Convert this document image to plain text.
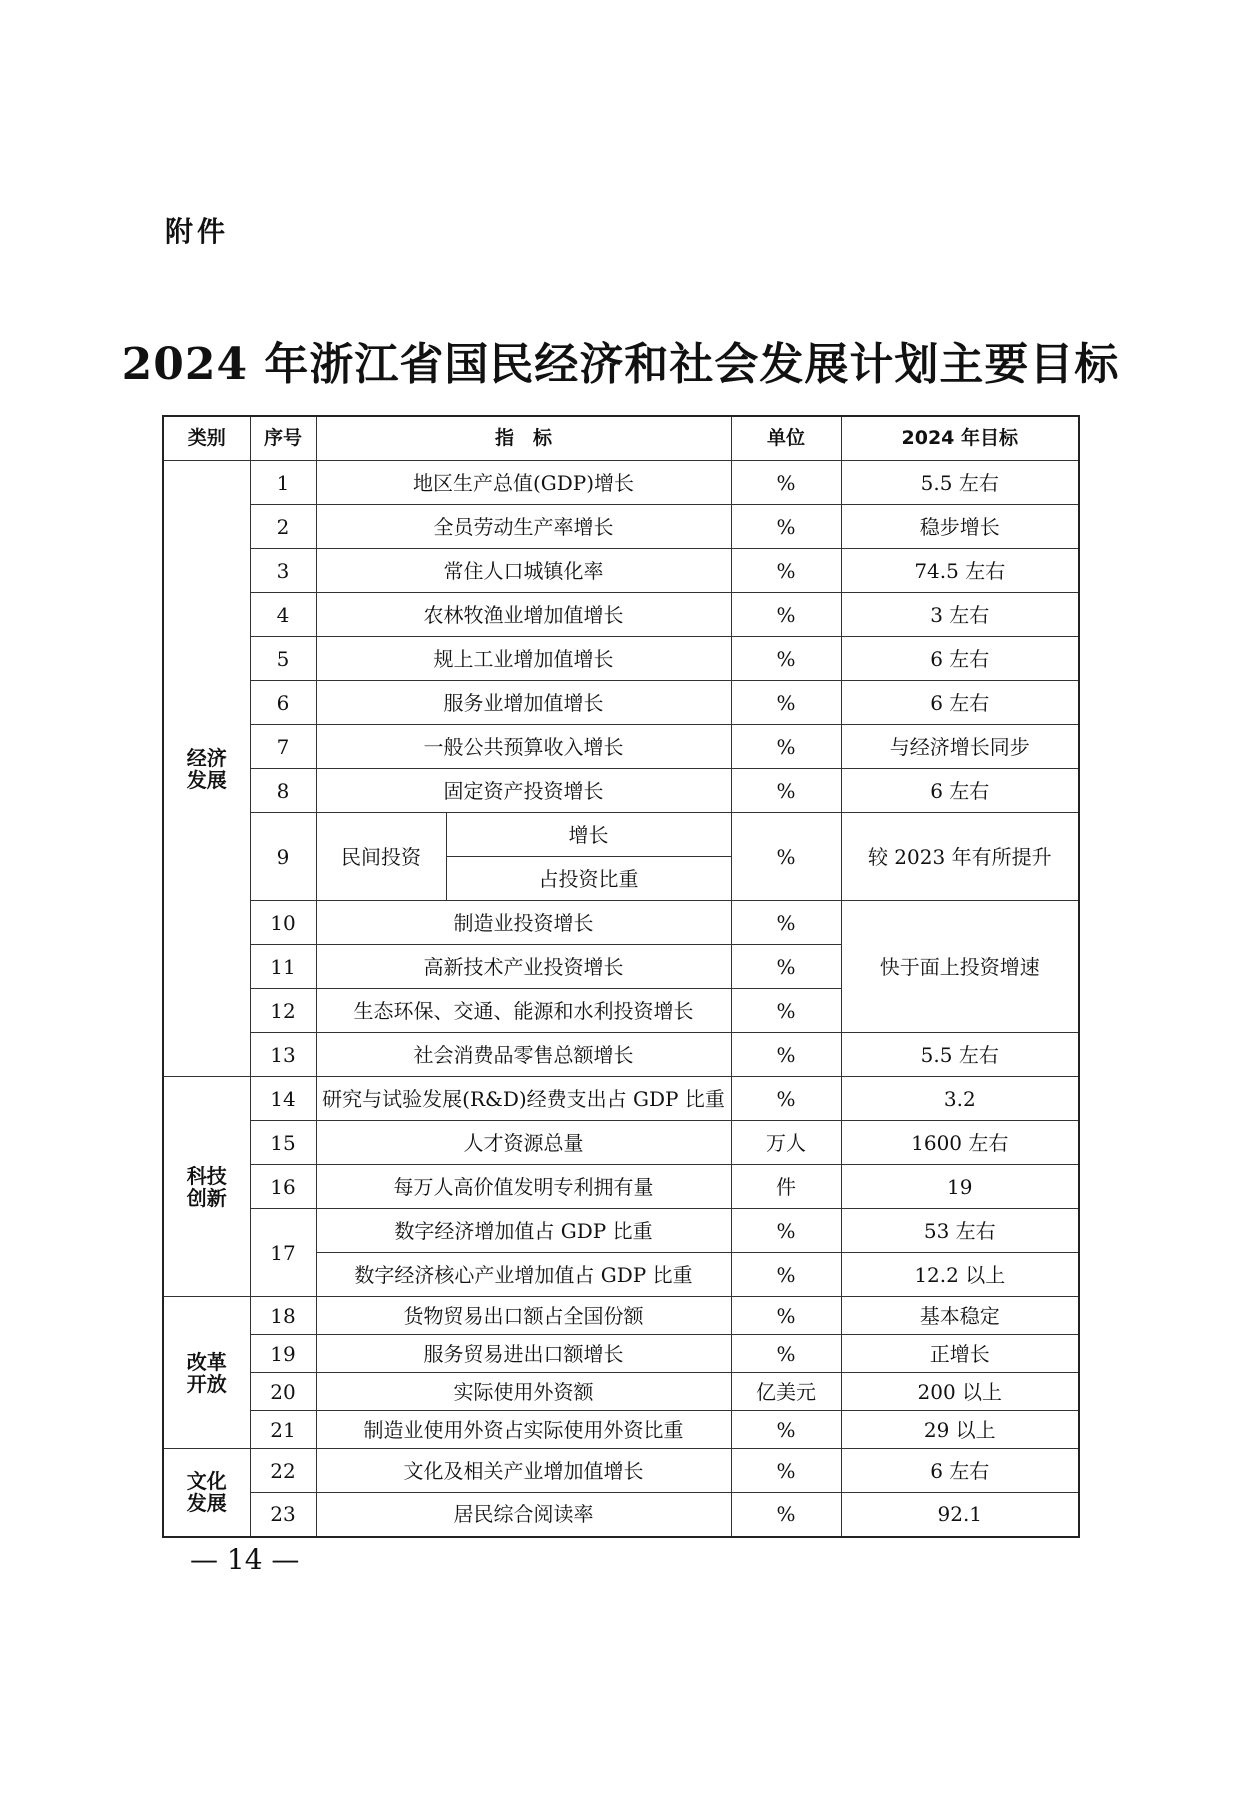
附件
2024 年浙江省国民经济和社会发展计划主要目标
类别	序号	指　标		单位	2024 年目标

经济发展	1	地区生产总值(GDP)增长		%	5.5 左右
	2	全员劳动生产率增长		%	稳步增长
	3	常住人口城镇化率		%	74.5 左右
	4	农林牧渔业增加值增长		%	3 左右
	5	规上工业增加值增长		%	6 左右
	6	服务业增加值增长		%	6 左右
	7	一般公共预算收入增长		%	与经济增长同步
	8	固定资产投资增长		%	6 左右
	9	民间投资	增长	%	较 2023 年有所提升
			占投资比重		
	10	制造业投资增长		%	快于面上投资增速
	11	高新技术产业投资增长		%	
	12	生态环保、交通、能源和水利投资增长		%	
	13	社会消费品零售总额增长		%	5.5 左右

科技创新	14	研究与试验发展(R&D)经费支出占 GDP 比重		%	3.2
	15	人才资源总量		万人	1600 左右
	16	每万人高价值发明专利拥有量		件	19
	17	数字经济增加值占 GDP 比重		%	53 左右
		数字经济核心产业增加值占 GDP 比重		%	12.2 以上

改革开放	18	货物贸易出口额占全国份额		%	基本稳定
	19	服务贸易进出口额增长		%	正增长
	20	实际使用外资额		亿美元	200 以上
	21	制造业使用外资占实际使用外资比重		%	29 以上

文化发展	22	文化及相关产业增加值增长		%	6 左右
	23	居民综合阅读率		%	92.1
— 14 —
